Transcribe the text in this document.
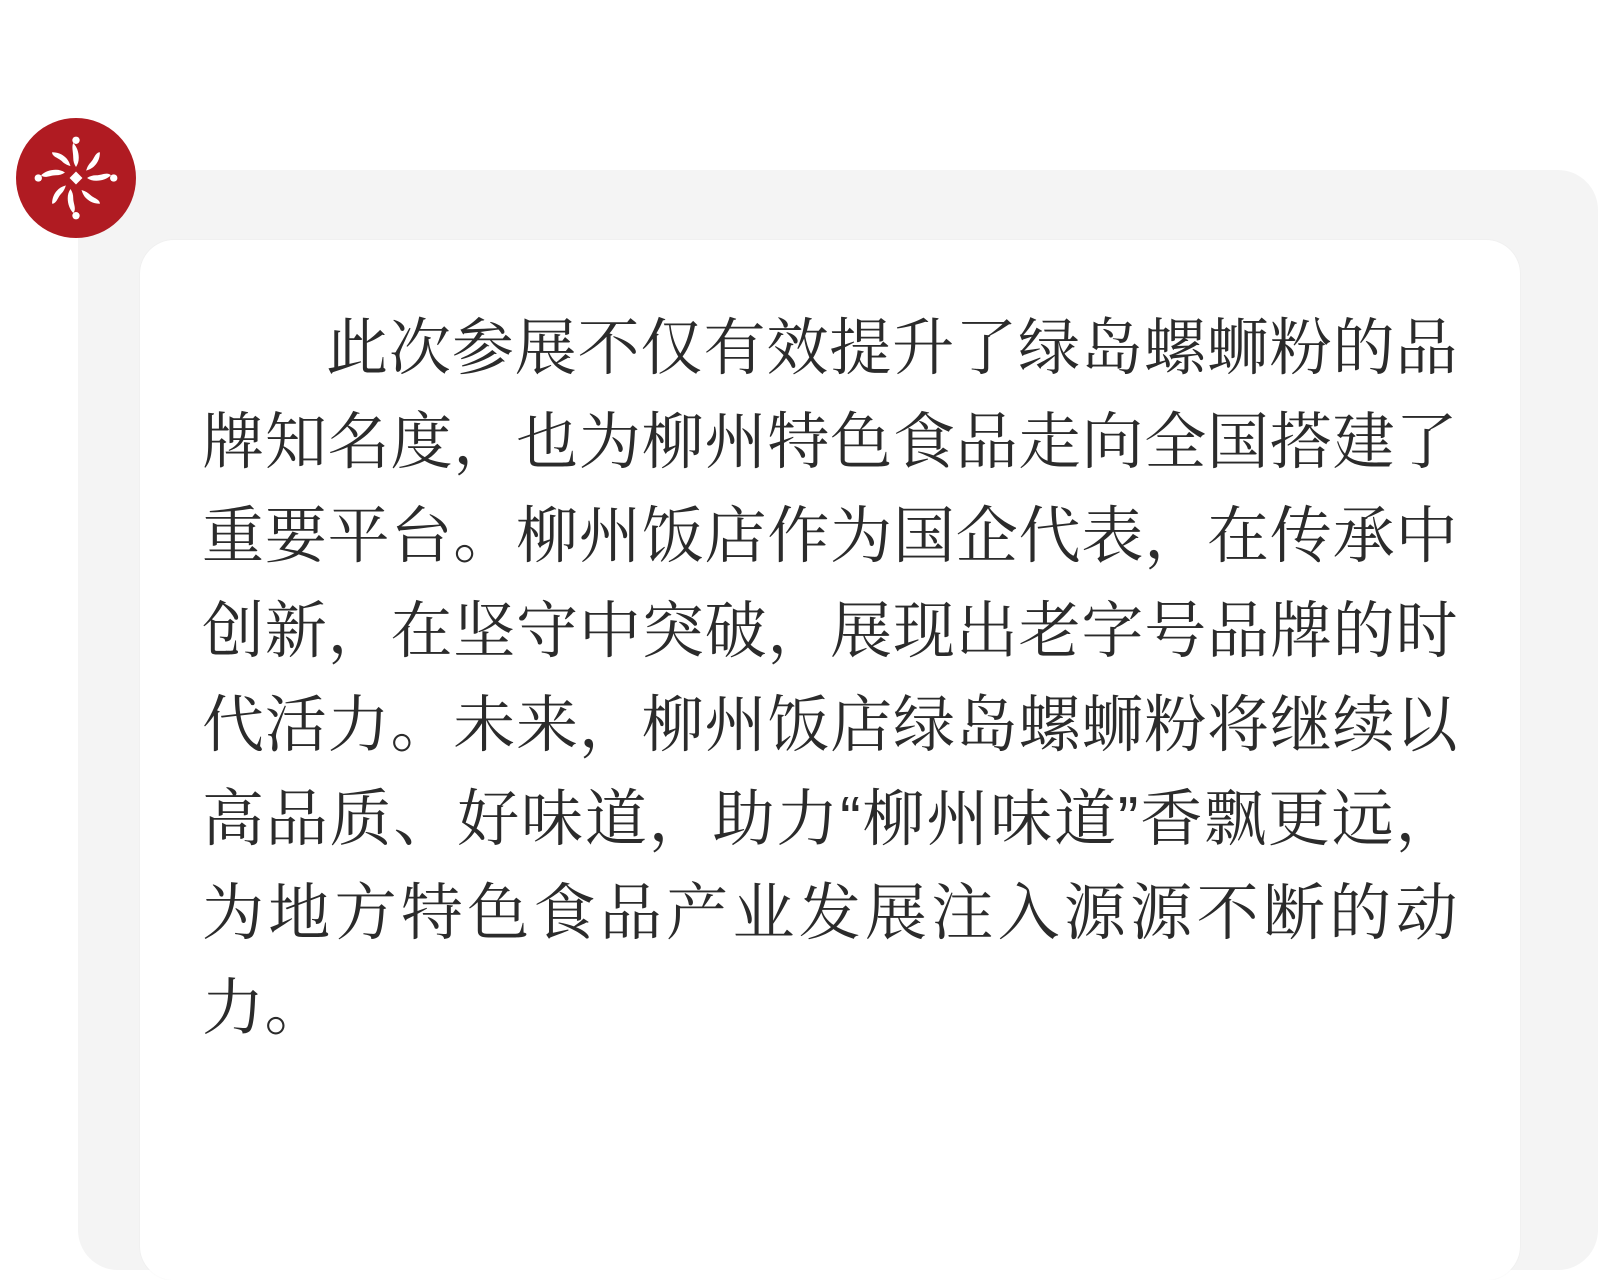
此次参展不仅有效提升了绿岛螺蛳粉的品牌知名度，也为柳州特色食品走向全国搭建了重要平台。柳州饭店作为国企代表，在传承中创新，在坚守中突破，展现出老字号品牌的时代活力。未来，柳州饭店绿岛螺蛳粉将继续以高品质、好味道，助力“柳州味道”香飘更远，为地方特色食品产业发展注入源源不断的动力。
